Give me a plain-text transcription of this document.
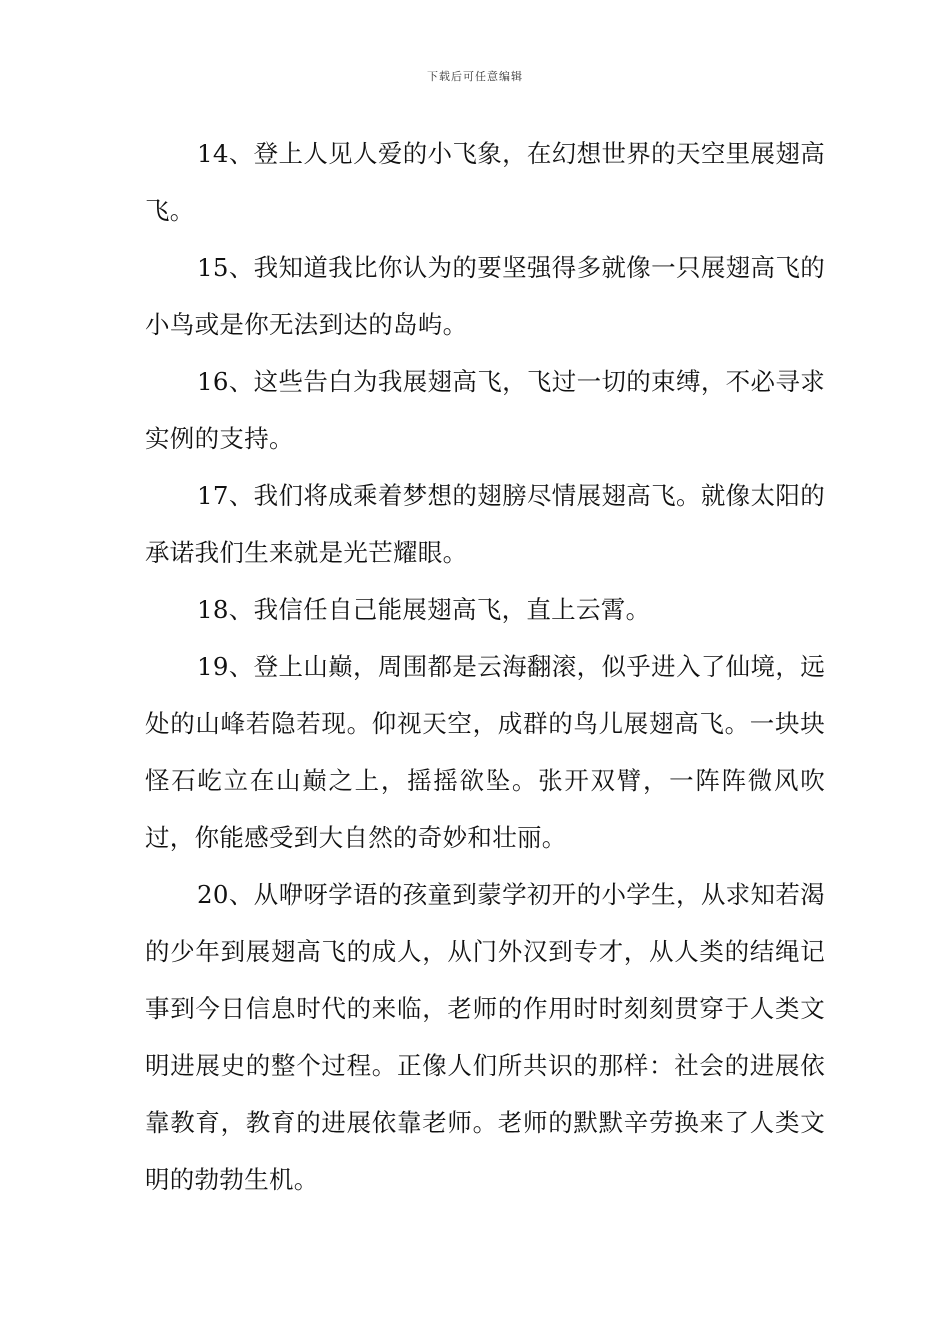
下载后可任意编辑

14、登上人见人爱的小飞象，在幻想世界的天空里展翅高飞。

15、我知道我比你认为的要坚强得多就像一只展翅高飞的小鸟或是你无法到达的岛屿。

16、这些告白为我展翅高飞，飞过一切的束缚，不必寻求实例的支持。

17、我们将成乘着梦想的翅膀尽情展翅高飞。就像太阳的承诺我们生来就是光芒耀眼。

18、我信任自己能展翅高飞，直上云霄。

19、登上山巅，周围都是云海翻滚，似乎进入了仙境，远处的山峰若隐若现。仰视天空，成群的鸟儿展翅高飞。一块块怪石屹立在山巅之上，摇摇欲坠。张开双臂，一阵阵微风吹过，你能感受到大自然的奇妙和壮丽。

20、从咿呀学语的孩童到蒙学初开的小学生，从求知若渴的少年到展翅高飞的成人，从门外汉到专才，从人类的结绳记事到今日信息时代的来临，老师的作用时时刻刻贯穿于人类文明进展史的整个过程。正像人们所共识的那样：社会的进展依靠教育，教育的进展依靠老师。老师的默默辛劳换来了人类文明的勃勃生机。
